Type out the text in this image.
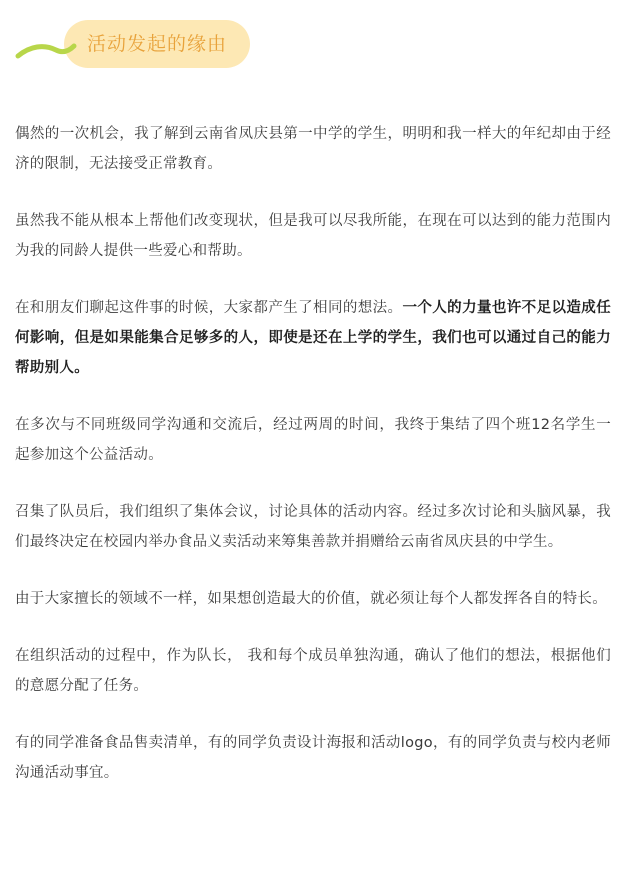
活动发起的缘由

偶然的一次机会，我了解到云南省凤庆县第一中学的学生，明明和我一样大的年纪却由于经济的限制，无法接受正常教育。

虽然我不能从根本上帮他们改变现状，但是我可以尽我所能，在现在可以达到的能力范围内为我的同龄人提供一些爱心和帮助。

在和朋友们聊起这件事的时候，大家都产生了相同的想法。一个人的力量也许不足以造成任何影响，但是如果能集合足够多的人，即使是还在上学的学生，我们也可以通过自己的能力帮助别人。

在多次与不同班级同学沟通和交流后，经过两周的时间，我终于集结了四个班12名学生一起参加这个公益活动。

召集了队员后，我们组织了集体会议，讨论具体的活动内容。经过多次讨论和头脑风暴，我们最终决定在校园内举办食品义卖活动来筹集善款并捐赠给云南省凤庆县的中学生。

由于大家擅长的领域不一样，如果想创造最大的价值，就必须让每个人都发挥各自的特长。

在组织活动的过程中，作为队长， 我和每个成员单独沟通，确认了他们的想法，根据他们的意愿分配了任务。

有的同学准备食品售卖清单，有的同学负责设计海报和活动logo，有的同学负责与校内老师沟通活动事宜。
